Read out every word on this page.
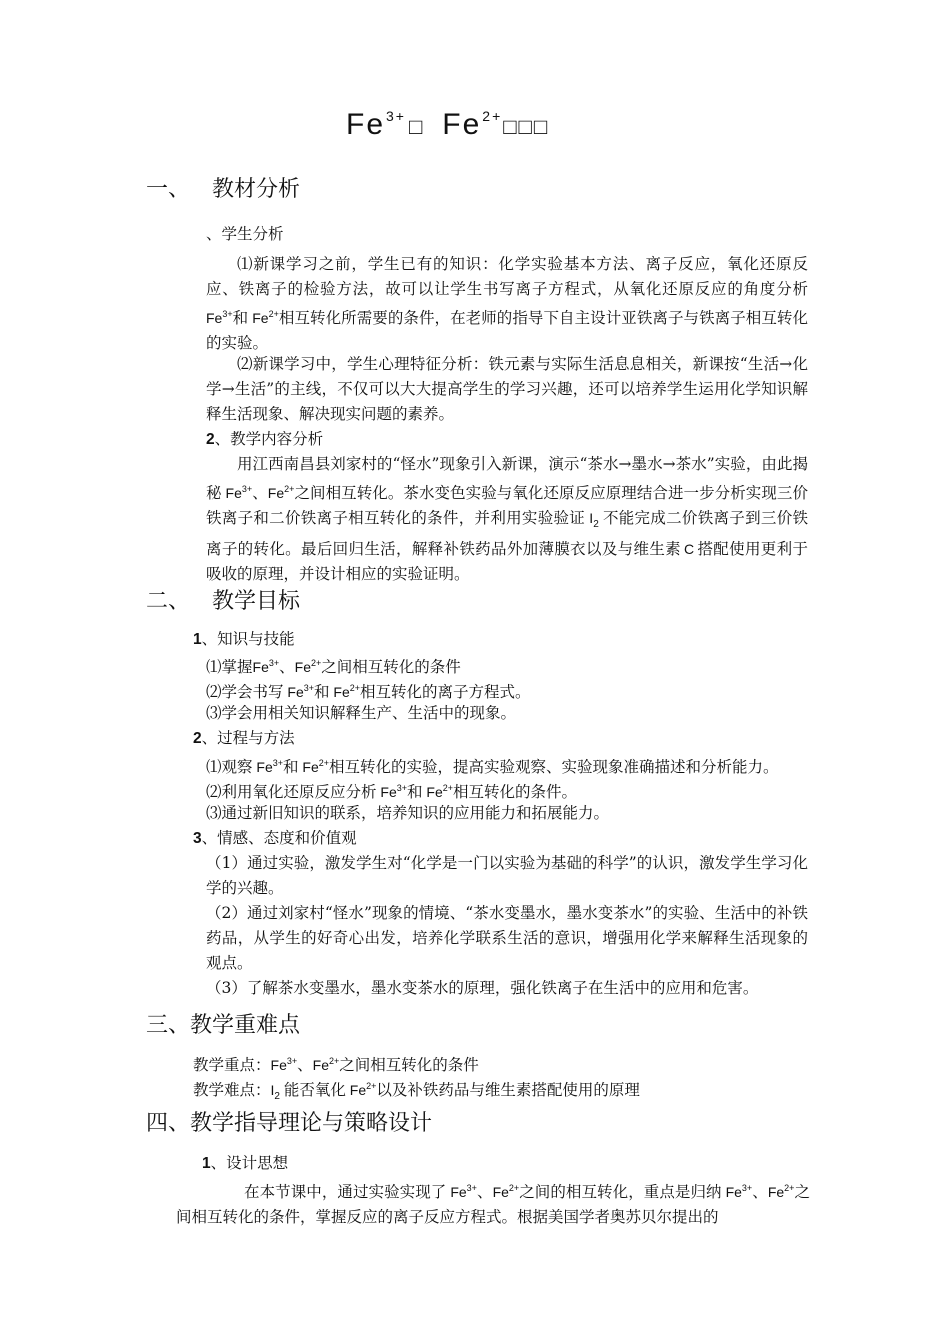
$Fe^{3+}$ □ $Fe^{2+}□□□$
一、 教材分析
、学生分析
⑴新课学习之前，学生已有的知识：化学实验基本方法、离子反应，氧化还原反应、铁离子的检验方法，故可以让学生书写离子方程式，从氧化还原反应的角度分析 $Fe^{3+}$和 $Fe^{2+}$相互转化所需要的条件，在老师的指导下自主设计亚铁离子与铁离子相互转化的实验。
⑵新课学习中，学生心理特征分析：铁元素与实际生活息息相关，新课按“生活→化学→生活”的主线，不仅可以大大提高学生的学习兴趣，还可以培养学生运用化学知识解释生活现象、解决现实问题的素养。
2、教学内容分析
用江西南昌县刘家村的“怪水”现象引入新课，演示“茶水→墨水→茶水”实验，由此揭秘 $Fe^{3+}$、$Fe^{2+}$之间相互转化。茶水变色实验与氧化还原反应原理结合进一步分析实现三价铁离子和二价铁离子相互转化的条件，并利用实验验证 $I_2$ 不能完成二价铁离子到三价铁离子的转化。最后回归生活，解释补铁药品外加薄膜衣以及与维生素 C 搭配使用更利于吸收的原理，并设计相应的实验证明。
二、 教学目标
1、知识与技能
⑴掌握$Fe^{3+}$、$Fe^{2+}$之间相互转化的条件
⑵学会书写 $Fe^{3+}$和 $Fe^{2+}$相互转化的离子方程式。
⑶学会用相关知识解释生产、生活中的现象。
2、过程与方法
⑴观察 $Fe^{3+}$和 $Fe^{2+}$相互转化的实验，提高实验观察、实验现象准确描述和分析能力。
⑵利用氧化还原反应分析 $Fe^{3+}$和 $Fe^{2+}$相互转化的条件。
⑶通过新旧知识的联系，培养知识的应用能力和拓展能力。
3、情感、态度和价值观
（1）通过实验，激发学生对“化学是一门以实验为基础的科学”的认识，激发学生学习化学的兴趣。
（2）通过刘家村“怪水”现象的情境、“茶水变墨水，墨水变茶水”的实验、生活中的补铁药品，从学生的好奇心出发，培养化学联系生活的意识，增强用化学来解释生活现象的观点。
（3）了解茶水变墨水，墨水变茶水的原理，强化铁离子在生活中的应用和危害。
三、教学重难点
教学重点：$Fe^{3+}$、$Fe^{2+}$之间相互转化的条件
教学难点：$I_2$ 能否氧化 $Fe^{2+}$以及补铁药品与维生素搭配使用的原理
四、教学指导理论与策略设计
1、设计思想
在本节课中，通过实验实现了 $Fe^{3+}$、$Fe^{2+}$之间的相互转化，重点是归纳 $Fe^{3+}$、$Fe^{2+}$之间相互转化的条件，掌握反应的离子反应方程式。根据美国学者奥苏贝尔提出的
